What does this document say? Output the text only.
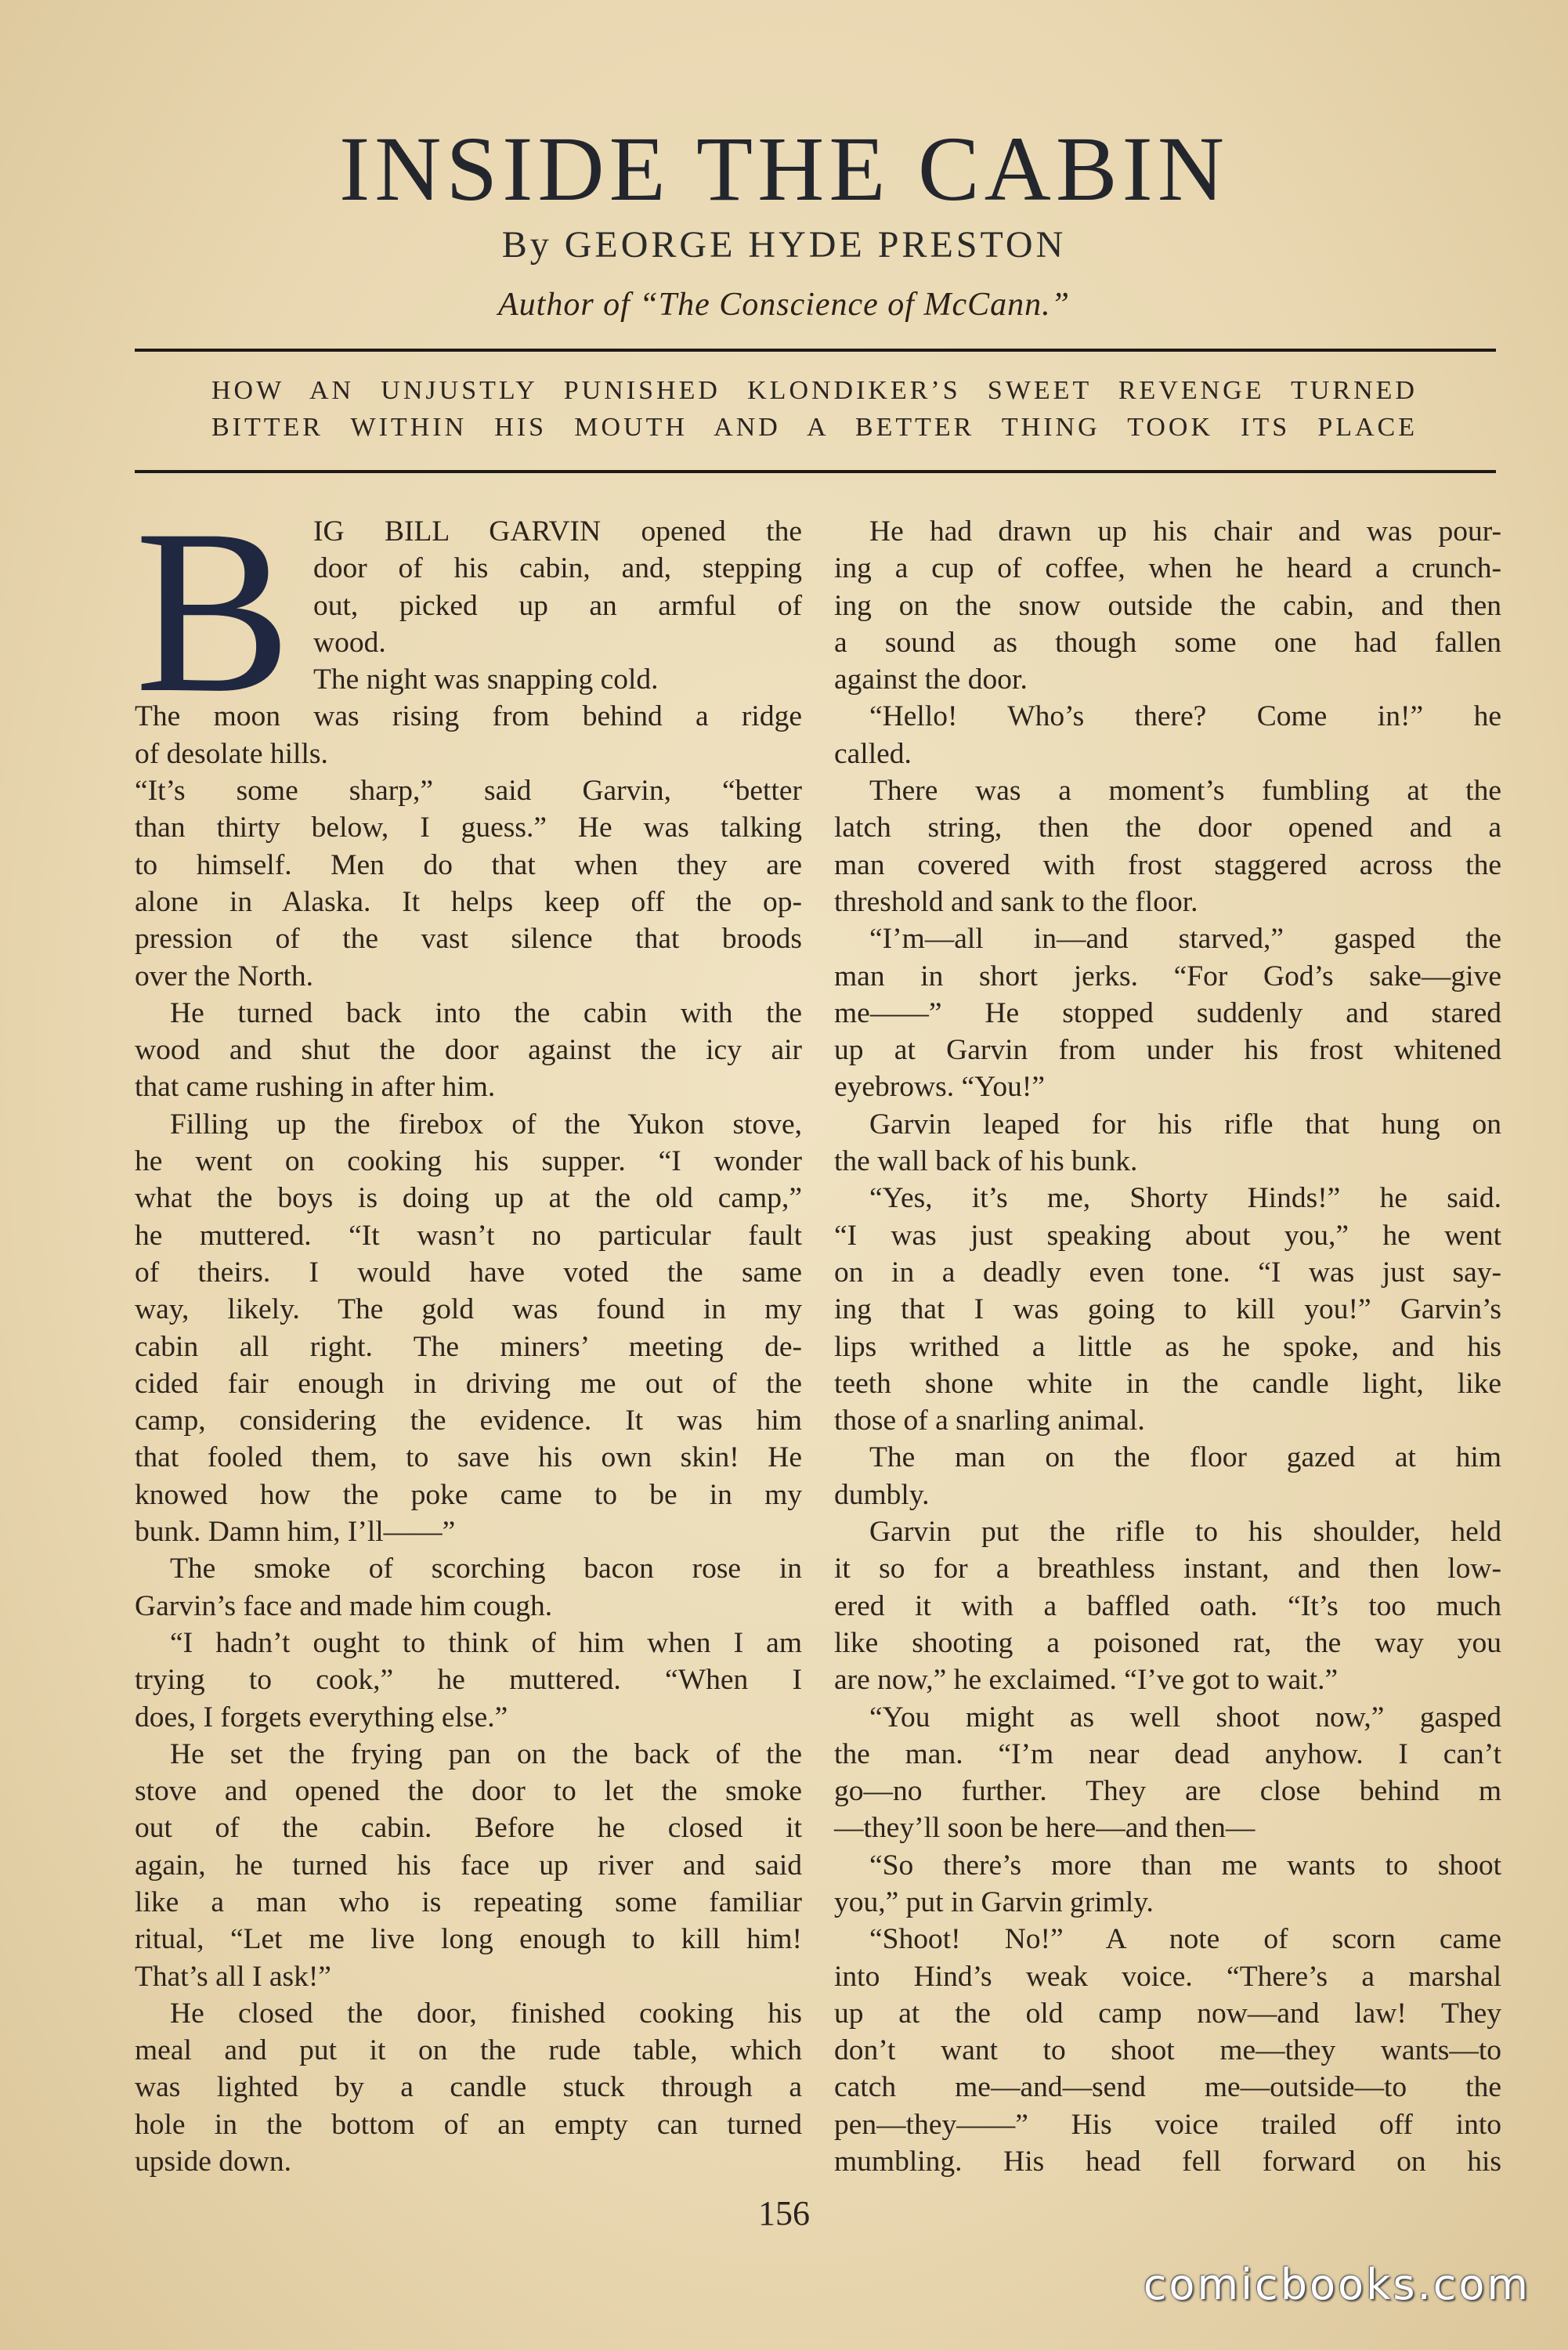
INSIDE THE CABIN
By GEORGE HYDE PRESTON
Author of “The Conscience of McCann.”
HOW AN UNJUSTLY PUNISHED KLONDIKER’S SWEET REVENGE TURNED
BITTER WITHIN HIS MOUTH AND A BETTER THING TOOK ITS PLACE
B IG BILL GARVIN opened the
door of his cabin, and, stepping
out, picked up an armful of
wood.
The night was snapping cold.
The moon was rising from behind a ridge
of desolate hills.
“It’s some sharp,” said Garvin, “better
than thirty below, I guess.” He was talking
to himself. Men do that when they are
alone in Alaska. It helps keep off the op-
pression of the vast silence that broods
over the North.
He turned back into the cabin with the
wood and shut the door against the icy air
that came rushing in after him.
Filling up the firebox of the Yukon stove,
he went on cooking his supper. “I wonder
what the boys is doing up at the old camp,”
he muttered. “It wasn’t no particular fault
of theirs. I would have voted the same
way, likely. The gold was found in my
cabin all right. The miners’ meeting de-
cided fair enough in driving me out of the
camp, considering the evidence. It was him
that fooled them, to save his own skin! He
knowed how the poke came to be in my
bunk. Damn him, I’ll——”
The smoke of scorching bacon rose in
Garvin’s face and made him cough.
“I hadn’t ought to think of him when I am
trying to cook,” he muttered. “When I
does, I forgets everything else.”
He set the frying pan on the back of the
stove and opened the door to let the smoke
out of the cabin. Before he closed it
again, he turned his face up river and said
like a man who is repeating some familiar
ritual, “Let me live long enough to kill him!
That’s all I ask!”
He closed the door, finished cooking his
meal and put it on the rude table, which
was lighted by a candle stuck through a
hole in the bottom of an empty can turned
upside down.
He had drawn up his chair and was pour-
ing a cup of coffee, when he heard a crunch-
ing on the snow outside the cabin, and then
a sound as though some one had fallen
against the door.
“Hello! Who’s there? Come in!” he
called.
There was a moment’s fumbling at the
latch string, then the door opened and a
man covered with frost staggered across the
threshold and sank to the floor.
“I’m—all in—and starved,” gasped the
man in short jerks. “For God’s sake—give
me——” He stopped suddenly and stared
up at Garvin from under his frost whitened
eyebrows. “You!”
Garvin leaped for his rifle that hung on
the wall back of his bunk.
“Yes, it’s me, Shorty Hinds!” he said.
“I was just speaking about you,” he went
on in a deadly even tone. “I was just say-
ing that I was going to kill you!” Garvin’s
lips writhed a little as he spoke, and his
teeth shone white in the candle light, like
those of a snarling animal.
The man on the floor gazed at him
dumbly.
Garvin put the rifle to his shoulder, held
it so for a breathless instant, and then low-
ered it with a baffled oath. “It’s too much
like shooting a poisoned rat, the way you
are now,” he exclaimed. “I’ve got to wait.”
“You might as well shoot now,” gasped
the man. “I’m near dead anyhow. I can’t
go—no further. They are close behind m
—they’ll soon be here—and then—
“So there’s more than me wants to shoot
you,” put in Garvin grimly.
“Shoot! No!” A note of scorn came
into Hind’s weak voice. “There’s a marshal
up at the old camp now—and law! They
don’t want to shoot me—they wants—to
catch me—and—send me—outside—to the
pen—they——” His voice trailed off into
mumbling. His head fell forward on his
156
comicbooks.com
